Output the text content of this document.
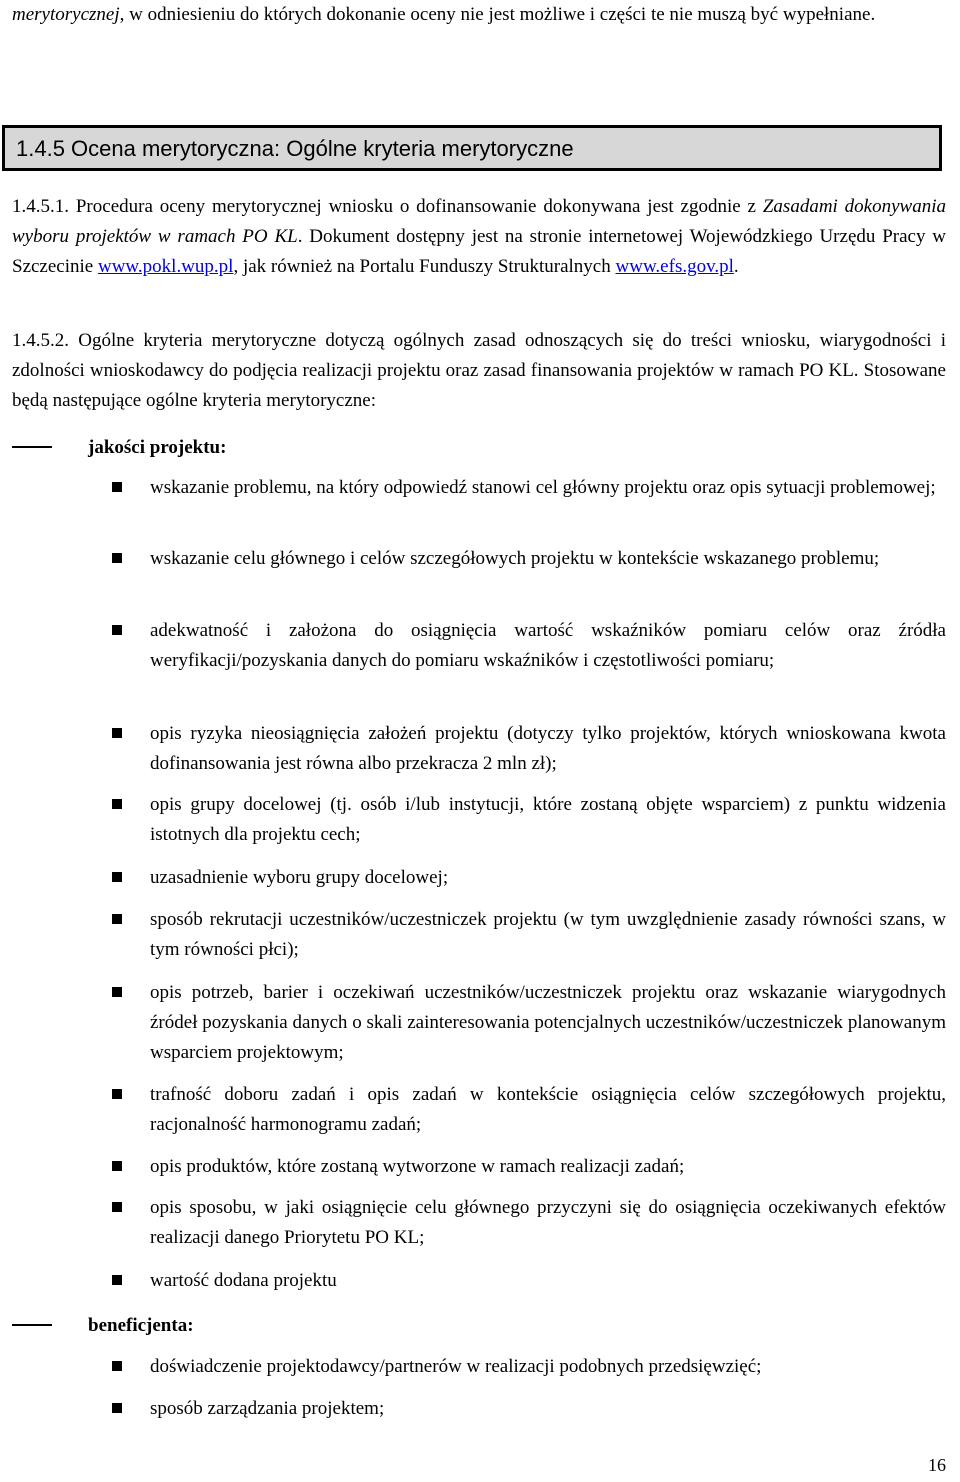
merytorycznej, w odniesieniu do których dokonanie oceny nie jest możliwe i części te nie muszą być wypełniane.

1.4.5 Ocena merytoryczna: Ogólne kryteria merytoryczne

1.4.5.1. Procedura oceny merytorycznej wniosku o dofinansowanie dokonywana jest zgodnie z Zasadami dokonywania wyboru projektów w ramach PO KL. Dokument dostępny jest na stronie internetowej Wojewódzkiego Urzędu Pracy w Szczecinie www.pokl.wup.pl, jak również na Portalu Funduszy Strukturalnych www.efs.gov.pl.

1.4.5.2. Ogólne kryteria merytoryczne dotyczą ogólnych zasad odnoszących się do treści wniosku, wiarygodności i zdolności wnioskodawcy do podjęcia realizacji projektu oraz zasad finansowania projektów w ramach PO KL. Stosowane będą następujące ogólne kryteria merytoryczne:

jakości projektu:

wskazanie problemu, na który odpowiedź stanowi cel główny projektu oraz opis sytuacji problemowej;

wskazanie celu głównego i celów szczegółowych projektu w kontekście wskazanego problemu;

adekwatność i założona do osiągnięcia wartość wskaźników pomiaru celów oraz źródła weryfikacji/pozyskania danych do pomiaru wskaźników i częstotliwości pomiaru;

opis ryzyka nieosiągnięcia założeń projektu (dotyczy tylko projektów, których wnioskowana kwota dofinansowania jest równa albo przekracza 2 mln zł);

opis grupy docelowej (tj. osób i/lub instytucji, które zostaną objęte wsparciem) z punktu widzenia istotnych dla projektu cech;

uzasadnienie wyboru grupy docelowej;

sposób rekrutacji uczestników/uczestniczek projektu (w tym uwzględnienie zasady równości szans, w tym równości płci);

opis potrzeb, barier i oczekiwań uczestników/uczestniczek projektu oraz wskazanie wiarygodnych źródeł pozyskania danych o skali zainteresowania potencjalnych uczestników/uczestniczek planowanym wsparciem projektowym;

trafność doboru zadań i opis zadań w kontekście osiągnięcia celów szczegółowych projektu, racjonalność harmonogramu zadań;

opis produktów, które zostaną wytworzone w ramach realizacji zadań;

opis sposobu, w jaki osiągnięcie celu głównego przyczyni się do osiągnięcia oczekiwanych efektów realizacji danego Priorytetu PO KL;

wartość dodana projektu

beneficjenta:

doświadczenie projektodawcy/partnerów w realizacji podobnych przedsięwzięć;

sposób zarządzania projektem;

16
